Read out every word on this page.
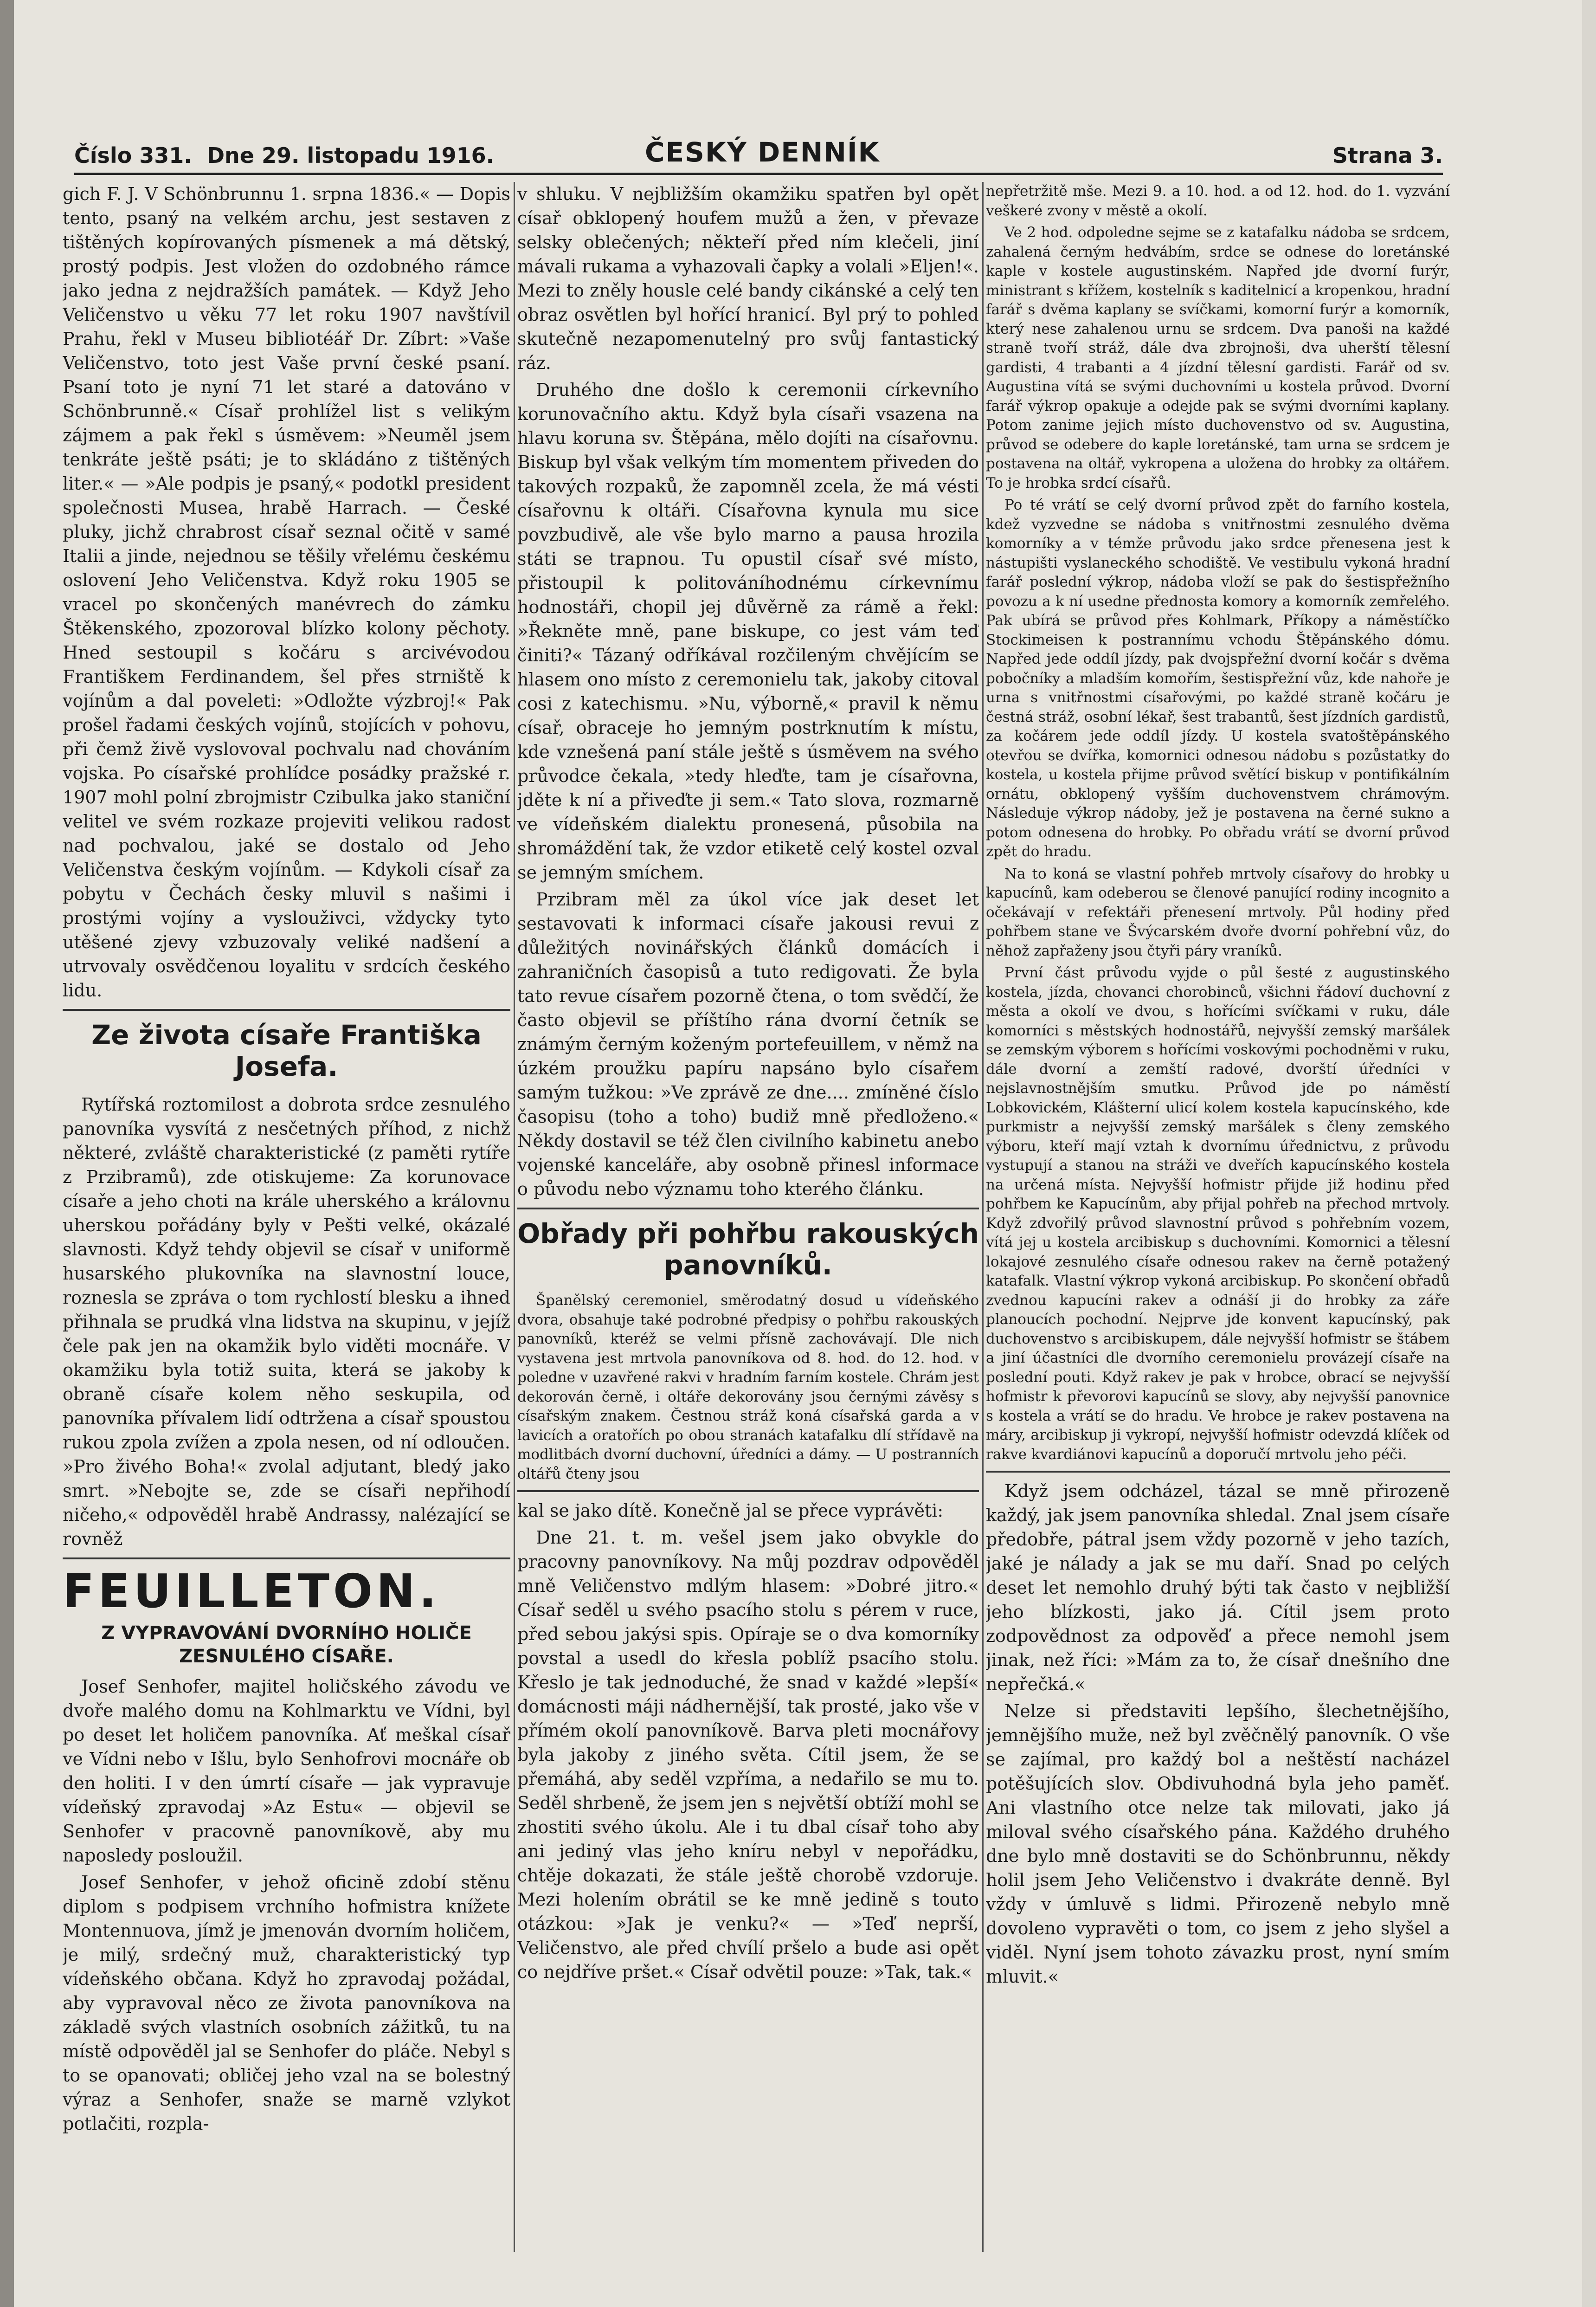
Číslo 331. Dne 29. listopadu 1916.	ČESKÝ DENNÍK	Strana 3.

gich F. J. V Schönbrunnu 1. srpna 1836.« — Dopis tento, psaný na velkém archu, jest sestaven z tištěných kopírovaných písmenek a má dětský, prostý podpis. Jest vložen do ozdobného rámce jako jedna z nejdražších památek. — Když Jeho Veličenstvo u věku 77 let roku 1907 navštívil Prahu, řekl v Museu bibliotéář Dr. Zíbrt: »Vaše Veličenstvo, toto jest Vaše první české psaní. Psaní toto je nyní 71 let staré a datováno v Schönbrunně.« Císař prohlížel list s velikým zájmem a pak řekl s úsměvem: »Neuměl jsem tenkráte ještě psáti; je to skládáno z tištěných liter.« — »Ale podpis je psaný,« podotkl president společnosti Musea, hrabě Harrach. — České pluky, jichž chrabrost císař seznal očitě v samé Italii a jinde, nejednou se těšily vřelému českému oslovení Jeho Veličenstva. Když roku 1905 se vracel po skončených manévrech do zámku Štěkenského, zpozoroval blízko kolony pěchoty. Hned sestoupil s kočáru s arcivévodou Františkem Ferdinandem, šel přes strniště k vojínům a dal poveleti: »Odložte výzbroj!« Pak prošel řadami českých vojínů, stojících v pohovu, při čemž živě vyslovoval pochvalu nad chováním vojska. Po císařské prohlídce posádky pražské r. 1907 mohl polní zbrojmistr Czibulka jako staniční velitel ve svém rozkaze projeviti velikou radost nad pochvalou, jaké se dostalo od Jeho Veličenstva českým vojínům. — Kdykoli císař za pobytu v Čechách česky mluvil s našimi i prostými vojíny a vyslouživci, vždycky tyto utěšené zjevy vzbuzovaly veliké nadšení a utrvovaly osvědčenou loyalitu v srdcích českého lidu.

Ze života císaře Františka Josefa.

Rytířská roztomilost a dobrota srdce zesnulého panovníka vysvítá z nesčetných příhod, z nichž některé, zvláště charakteristické (z paměti rytíře z Przibramů), zde otiskujeme: Za korunovace císaře a jeho choti na krále uherského a královnu uherskou pořádány byly v Pešti velké, okázalé slavnosti. Když tehdy objevil se císař v uniformě husarského plukovníka na slavnostní louce, roznesla se zpráva o tom rychlostí blesku a ihned přihnala se prudká vlna lidstva na skupinu, v jejíž čele pak jen na okamžik bylo viděti mocnáře. V okamžiku byla totiž suita, která se jakoby k obraně císaře kolem něho seskupila, od panovníka přívalem lidí odtržena a císař spoustou rukou zpola zvížen a zpola nesen, od ní odloučen. »Pro živého Boha!« zvolal adjutant, bledý jako smrt. »Nebojte se, zde se císaři nepřihodí ničeho,« odpověděl hrabě Andrassy, nalézající se rovněž

FEUILLETON.
Z VYPRAVOVÁNÍ DVORNÍHO HOLIČE ZESNULÉHO CÍSAŘE.

Josef Senhofer, majitel holičského závodu ve dvoře malého domu na Kohlmarktu ve Vídni, byl po deset let holičem panovníka. Ať meškal císař ve Vídni nebo v Išlu, bylo Senhofrovi mocnáře ob den holiti. I v den úmrtí císaře — jak vypravuje vídeňský zpravodaj »Az Estu« — objevil se Senhofer v pracovně panovníkově, aby mu naposledy posloužil.

Josef Senhofer, v jehož oficině zdobí stěnu diplom s podpisem vrchního hofmistra knížete Montennuova, jímž je jmenován dvorním holičem, je milý, srdečný muž, charakteristický typ vídeňského občana. Když ho zpravodaj požádal, aby vypravoval něco ze života panovníkova na základě svých vlastních osobních zážitků, tu na místě odpověděl jal se Senhofer do pláče. Nebyl s to se opanovati; obličej jeho vzal na se bolestný výraz a Senhofer, snaže se marně vzlykot potlačiti, rozpla-

v shluku. V nejbližším okamžiku spatřen byl opět císař obklopený houfem mužů a žen, v převaze selsky oblečených; někteří před ním klečeli, jiní mávali rukama a vyhazovali čapky a volali »Eljen!«. Mezi to zněly housle celé bandy cikánské a celý ten obraz osvětlen byl hořící hranicí. Byl prý to pohled skutečně nezapomenutelný pro svůj fantastický ráz.

Druhého dne došlo k ceremonii církevního korunovačního aktu. Když byla císaři vsazena na hlavu koruna sv. Štěpána, mělo dojíti na císařovnu. Biskup byl však velkým tím momentem přiveden do takových rozpaků, že zapomněl zcela, že má vésti císařovnu k oltáři. Císařovna kynula mu sice povzbudivě, ale vše bylo marno a pausa hrozila státi se trapnou. Tu opustil císař své místo, přistoupil k politováníhodnému církevnímu hodnostáři, chopil jej důvěrně za rámě a řekl: »Řekněte mně, pane biskupe, co jest vám teď činiti?« Tázaný odříkával rozčileným chvějícím se hlasem ono místo z ceremonielu tak, jakoby citoval cosi z katechismu. »Nu, výborně,« pravil k němu císař, obraceje ho jemným postrknutím k místu, kde vznešená paní stále ještě s úsměvem na svého průvodce čekala, »tedy hleďte, tam je císařovna, jděte k ní a přiveďte ji sem.« Tato slova, rozmarně ve vídeňském dialektu pronesená, působila na shromáždění tak, že vzdor etiketě celý kostel ozval se jemným smíchem.

Przibram měl za úkol více jak deset let sestavovati k informaci císaře jakousi revui z důležitých novinářských článků domácích i zahraničních časopisů a tuto redigovati. Že byla tato revue císařem pozorně čtena, o tom svědčí, že často objevil se příštího rána dvorní četník se známým černým koženým portefeuillem, v němž na úzkém proužku papíru napsáno bylo císařem samým tužkou: »Ve zprávě ze dne.... zmíněné číslo časopisu (toho a toho) budiž mně předloženo.« Někdy dostavil se též člen civilního kabinetu anebo vojenské kanceláře, aby osobně přinesl informace o původu nebo významu toho kterého článku.

Obřady při pohřbu rakouských panovníků.

Španělský ceremoniel, směrodatný dosud u vídeňského dvora, obsahuje také podrobné předpisy o pohřbu rakouských panovníků, kteréž se velmi přísně zachovávají. Dle nich vystavena jest mrtvola panovníkova od 8. hod. do 12. hod. v poledne v uzavřené rakvi v hradním farním kostele. Chrám jest dekorován černě, i oltáře dekorovány jsou černými závěsy s císařským znakem. Čestnou stráž koná císařská garda a v lavicích a oratořích po obou stranách katafalku dlí střídavě na modlitbách dvorní duchovní, úředníci a dámy. — U postranních oltářů čteny jsou

kal se jako dítě. Konečně jal se přece vyprávěti:

Dne 21. t. m. vešel jsem jako obvykle do pracovny panovníkovy. Na můj pozdrav odpověděl mně Veličenstvo mdlým hlasem: »Dobré jitro.« Císař seděl u svého psacího stolu s pérem v ruce, před sebou jakýsi spis. Opíraje se o dva komorníky povstal a usedl do křesla poblíž psacího stolu. Křeslo je tak jednoduché, že snad v každé »lepší« domácnosti máji nádhernější, tak prosté, jako vše v přímém okolí panovníkově. Barva pleti mocnářovy byla jakoby z jiného světa. Cítil jsem, že se přemáhá, aby seděl vzpříma, a nedařilo se mu to. Seděl shrbeně, že jsem jen s největší obtíží mohl se zhostiti svého úkolu. Ale i tu dbal císař toho aby ani jediný vlas jeho kníru nebyl v nepořádku, chtěje dokazati, že stále ještě chorobě vzdoruje. Mezi holením obrátil se ke mně jedině s touto otázkou: »Jak je venku?« — »Teď neprší, Veličenstvo, ale před chvílí pršelo a bude asi opět co nejdříve pršet.« Císař odvětil pouze: »Tak, tak.«

nepřetržitě mše. Mezi 9. a 10. hod. a od 12. hod. do 1. vyzvání veškeré zvony v městě a okolí.

Ve 2 hod. odpoledne sejme se z katafalku nádoba se srdcem, zahalená černým hedvábím, srdce se odnese do loretánské kaple v kostele augustinském. Napřed jde dvorní furýr, ministrant s křížem, kostelník s kaditelnicí a kropenkou, hradní farář s dvěma kaplany se svíčkami, komorní furýr a komorník, který nese zahalenou urnu se srdcem. Dva panoši na každé straně tvoří stráž, dále dva zbrojnoši, dva uherští tělesní gardisti, 4 trabanti a 4 jízdní tělesní gardisti. Farář od sv. Augustina vítá se svými duchovními u kostela průvod. Dvorní farář výkrop opakuje a odejde pak se svými dvorními kaplany. Potom zanime jejich místo duchovenstvo od sv. Augustina, průvod se odebere do kaple loretánské, tam urna se srdcem je postavena na oltář, vykropena a uložena do hrobky za oltářem. To je hrobka srdcí císařů.

Po té vrátí se celý dvorní průvod zpět do farního kostela, kdež vyzvedne se nádoba s vnitřnostmi zesnulého dvěma komorníky a v témže průvodu jako srdce přenesena jest k nástupišti vyslaneckého schodiště. Ve vestibulu vykoná hradní farář poslední výkrop, nádoba vloží se pak do šestispřežního povozu a k ní usedne přednosta komory a komorník zemřelého. Pak ubírá se průvod přes Kohlmark, Příkopy a náměstíčko Stockimeisen k postrannímu vchodu Štěpánského dómu. Napřed jede oddíl jízdy, pak dvojspřežní dvorní kočár s dvěma pobočníky a mladším komořím, šestispřežní vůz, kde nahoře je urna s vnitřnostmi císařovými, po každé straně kočáru je čestná stráž, osobní lékař, šest trabantů, šest jízdních gardistů, za kočárem jede oddíl jízdy. U kostela svatoštěpánského otevřou se dvířka, komornici odnesou nádobu s pozůstatky do kostela, u kostela přijme průvod světící biskup v pontifikálním ornátu, obklopený vyšším duchovenstvem chrámovým. Následuje výkrop nádoby, jež je postavena na černé sukno a potom odnesena do hrobky. Po obřadu vrátí se dvorní průvod zpět do hradu.

Na to koná se vlastní pohřeb mrtvoly císařovy do hrobky u kapucínů, kam odeberou se členové panující rodiny incognito a očekávají v refektáři přenesení mrtvoly. Půl hodiny před pohřbem stane ve Švýcarském dvoře dvorní pohřební vůz, do něhož zapřaženy jsou čtyři páry vraníků.

První část průvodu vyjde o půl šesté z augustinského kostela, jízda, chovanci chorobinců, všichni řádoví duchovní z města a okolí ve dvou, s hořícími svíčkami v ruku, dále komorníci s městských hodnostářů, nejvyšší zemský maršálek se zemským výborem s hořícími voskovými pochodněmi v ruku, dále dvorní a zemští radové, dvorští úředníci v nejslavnostnějším smutku. Průvod jde po náměstí Lobkovickém, Klášterní ulicí kolem kostela kapucínského, kde purkmistr a nejvyšší zemský maršálek s členy zemského výboru, kteří mají vztah k dvornímu úřednictvu, z průvodu vystupují a stanou na stráži ve dveřích kapucínského kostela na určená místa. Nejvyšší hofmistr přijde již hodinu před pohřbem ke Kapucínům, aby přijal pohřeb na přechod mrtvoly. Když zdvořilý průvod slavnostní průvod s pohřebním vozem, vítá jej u kostela arcibiskup s duchovními. Komornici a tělesní lokajové zesnulého císaře odnesou rakev na černě potažený katafalk. Vlastní výkrop vykoná arcibiskup. Po skončení obřadů zvednou kapucíni rakev a odnáší ji do hrobky za záře planoucích pochodní. Nejprve jde konvent kapucínský, pak duchovenstvo s arcibiskupem, dále nejvyšší hofmistr se štábem a jiní účastníci dle dvorního ceremonielu provázejí císaře na poslední pouti. Když rakev je pak v hrobce, obrací se nejvyšší hofmistr k převorovi kapucínů se slovy, aby nejvyšší panovnice s kostela a vrátí se do hradu. Ve hrobce je rakev postavena na máry, arcibiskup ji vykropí, nejvyšší hofmistr odevzdá klíček od rakve kvardiánovi kapucínů a doporučí mrtvolu jeho péči.

Když jsem odcházel, tázal se mně přirozeně každý, jak jsem panovníka shledal. Znal jsem císaře předobře, pátral jsem vždy pozorně v jeho tazích, jaké je nálady a jak se mu daří. Snad po celých deset let nemohlo druhý býti tak často v nejbližší jeho blízkosti, jako já. Cítil jsem proto zodpovědnost za odpověď a přece nemohl jsem jinak, než říci: »Mám za to, že císař dnešního dne nepřečká.«

Nelze si představiti lepšího, šlechetnějšího, jemnějšího muže, než byl zvěčnělý panovník. O vše se zajímal, pro každý bol a neštěstí nacházel potěšujících slov. Obdivuhodná byla jeho paměť. Ani vlastního otce nelze tak milovati, jako já miloval svého císařského pána. Každého druhého dne bylo mně dostaviti se do Schönbrunnu, někdy holil jsem Jeho Veličenstvo i dvakráte denně. Byl vždy v úmluvě s lidmi. Přirozeně nebylo mně dovoleno vypravěti o tom, co jsem z jeho slyšel a viděl. Nyní jsem tohoto závazku prost, nyní smím mluvit.«
